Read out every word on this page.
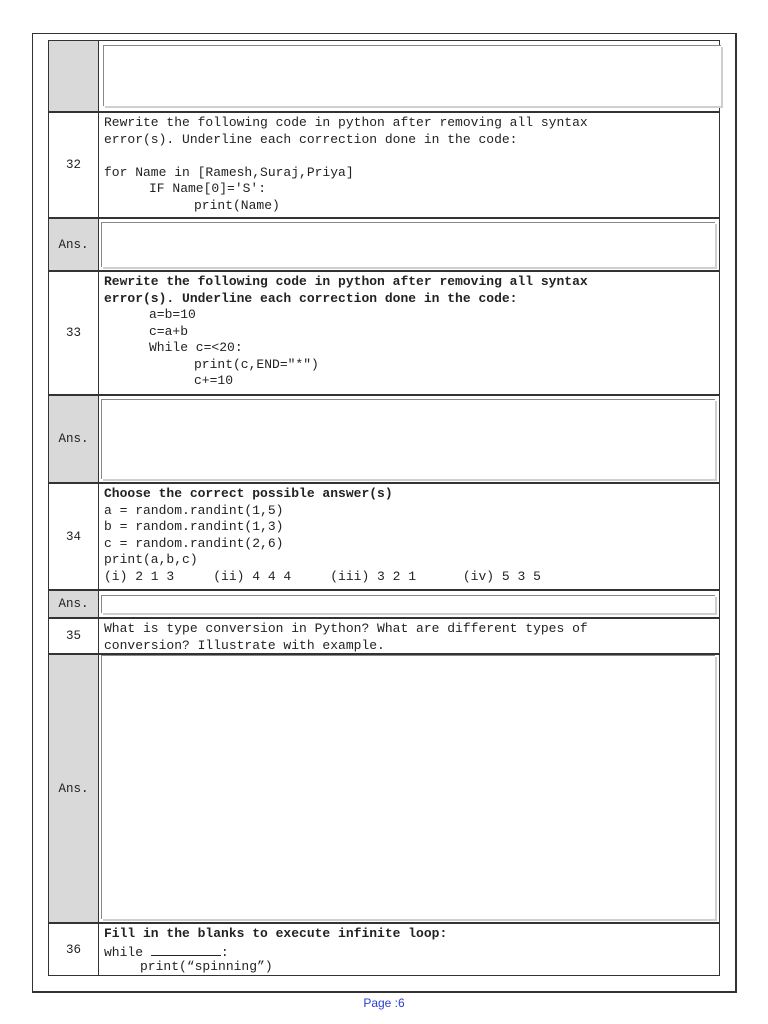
32
Rewrite the following code in python after removing all syntax
error(s). Underline each correction done in the code:
for Name in [Ramesh,Suraj,Priya]
IF Name[0]='S':
print(Name)
Ans.
33
Rewrite the following code in python after removing all syntax
error(s). Underline each correction done in the code:
a=b=10
c=a+b
While c=<20:
print(c,END="*")
c+=10
Ans.
34
Choose the correct possible answer(s)
a = random.randint(1,5)
b = random.randint(1,3)
c = random.randint(2,6)
print(a,b,c)
(i) 2 1 3     (ii) 4 4 4     (iii) 3 2 1      (iv) 5 3 5
Ans.
35	What is type conversion in Python? What are different types of
conversion? Illustrate with example.
Ans.
36
Fill in the blanks to execute infinite loop:
while	:
print(“spinning”)
Page :6
